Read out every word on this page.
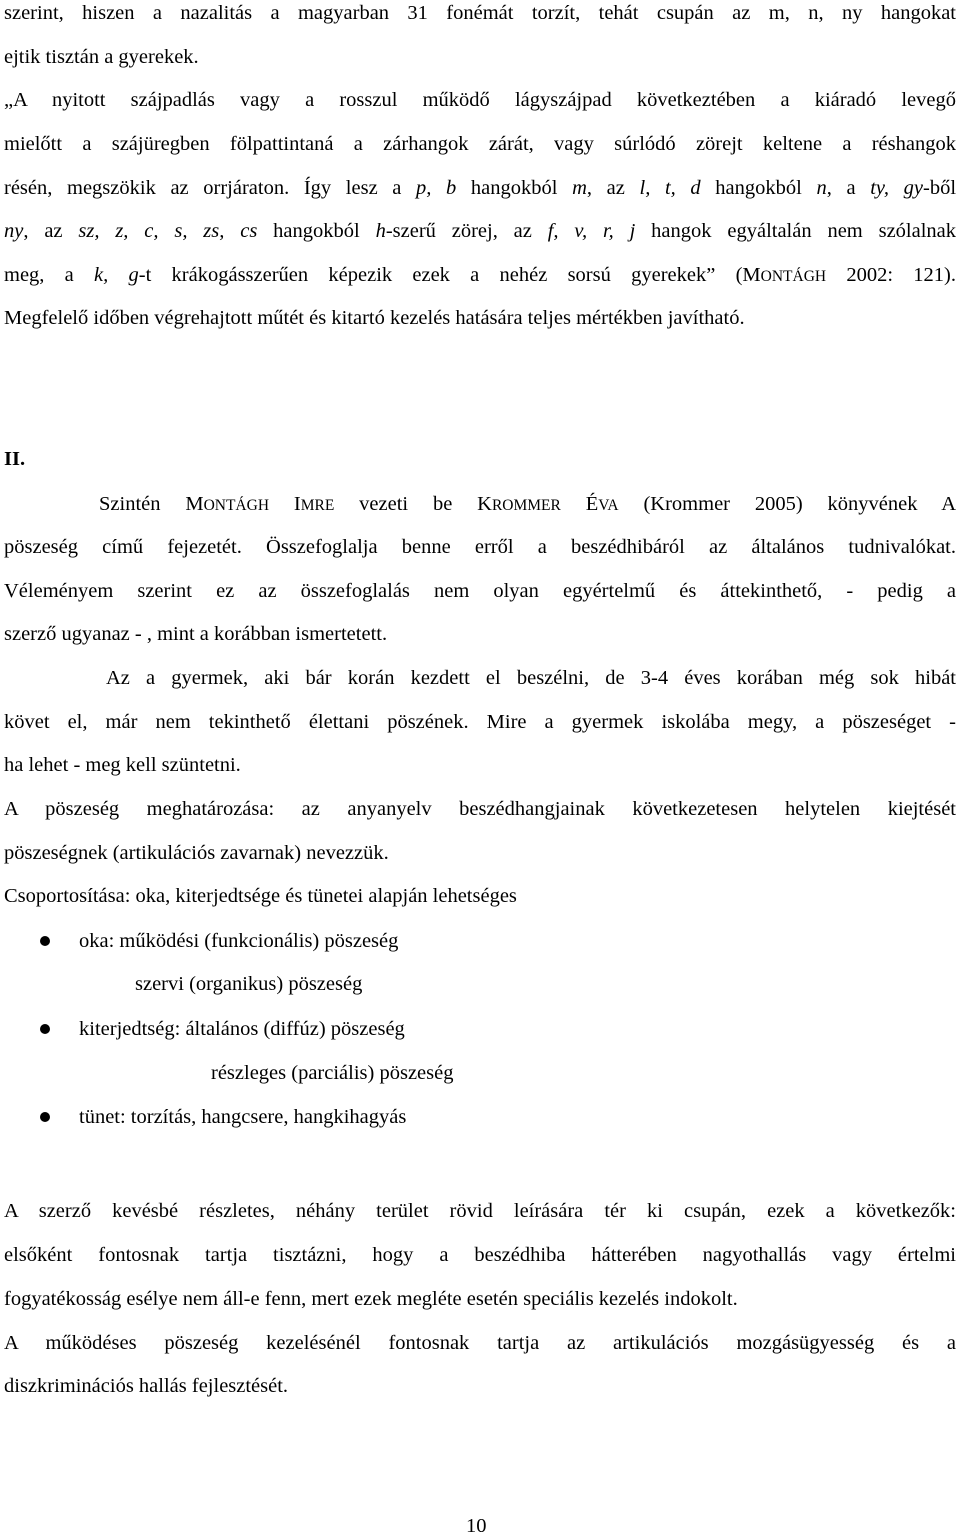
szerint, hiszen a nazalitás a magyarban 31 fonémát torzít, tehát csupán az m, n, ny hangokat
ejtik tisztán a gyerekek.
„A nyitott szájpadlás vagy a rosszul működő lágyszájpad következtében a kiáradó levegő
mielőtt a szájüregben fölpattintaná a zárhangok zárát, vagy súrlódó zörejt keltene a réshangok
résén, megszökik az orrjáraton. Így lesz a p, b hangokból m, az l, t, d hangokból n, a ty, gy-ből
ny, az sz, z, c, s, zs, cs hangokból h-szerű zörej, az f, v, r, j hangok egyáltalán nem szólalnak
meg, a k, g-t krákogásszerűen képezik ezek a nehéz sorsú gyerekek” (MONTÁGH 2002: 121).
Megfelelő időben végrehajtott műtét és kitartó kezelés hatására teljes mértékben javítható.
II.
Szintén MONTÁGH IMRE vezeti be KROMMER ÉVA (Krommer 2005) könyvének A
pöszeség című fejezetét. Összefoglalja benne erről a beszédhibáról az általános tudnivalókat.
Véleményem szerint ez az összefoglalás nem olyan egyértelmű és áttekinthető, - pedig a
szerző ugyanaz - , mint a korábban ismertetett.
Az a gyermek, aki bár korán kezdett el beszélni, de 3-4 éves korában még sok hibát
követ el, már nem tekinthető élettani pöszének. Mire a gyermek iskolába megy, a pöszeséget -
ha lehet - meg kell szüntetni.
A pöszeség meghatározása: az anyanyelv beszédhangjainak következetesen helytelen kiejtését
pöszeségnek (artikulációs zavarnak) nevezzük.
Csoportosítása: oka, kiterjedtsége és tünetei alapján lehetséges
oka: működési (funkcionális) pöszeség
szervi (organikus) pöszeség
kiterjedtség: általános (diffúz) pöszeség
részleges (parciális) pöszeség
tünet: torzítás, hangcsere, hangkihagyás
A szerző kevésbé részletes, néhány terület rövid leírására tér ki csupán, ezek a következők:
elsőként fontosnak tartja tisztázni, hogy a beszédhiba hátterében nagyothallás vagy értelmi
fogyatékosság esélye nem áll-e fenn, mert ezek megléte esetén speciális kezelés indokolt.
A működéses pöszeség kezelésénél fontosnak tartja az artikulációs mozgásügyesség és a
diszkriminációs hallás fejlesztését.
10
